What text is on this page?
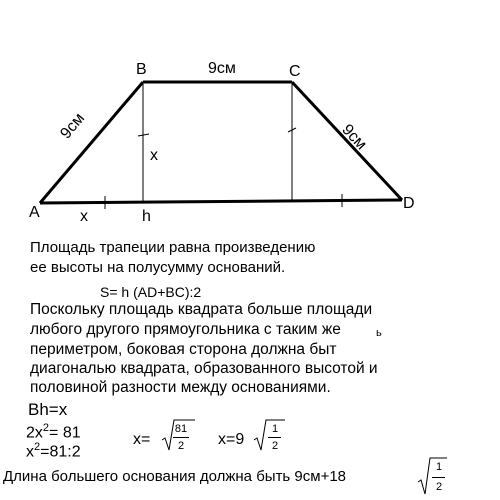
A
B	C
D
9см
9см	9см
x
x	h
Площадь трапеции равна произведению
ее высоты на полусумму оснований.
S= h (AD+BC):2
Поскольку площадь квадрата больше площади
любого другого прямоугольника с таким же	ь
периметром, боковая сторона должна быт
диагональю квадрата, образованного высотой и
половиной разности между основаниями.
Bh=x
$2x^2= 81$
$x^2=81:2$
x=
81
2	x=9
1
2
Длина большего основания должна быть 9см+18
1
2
